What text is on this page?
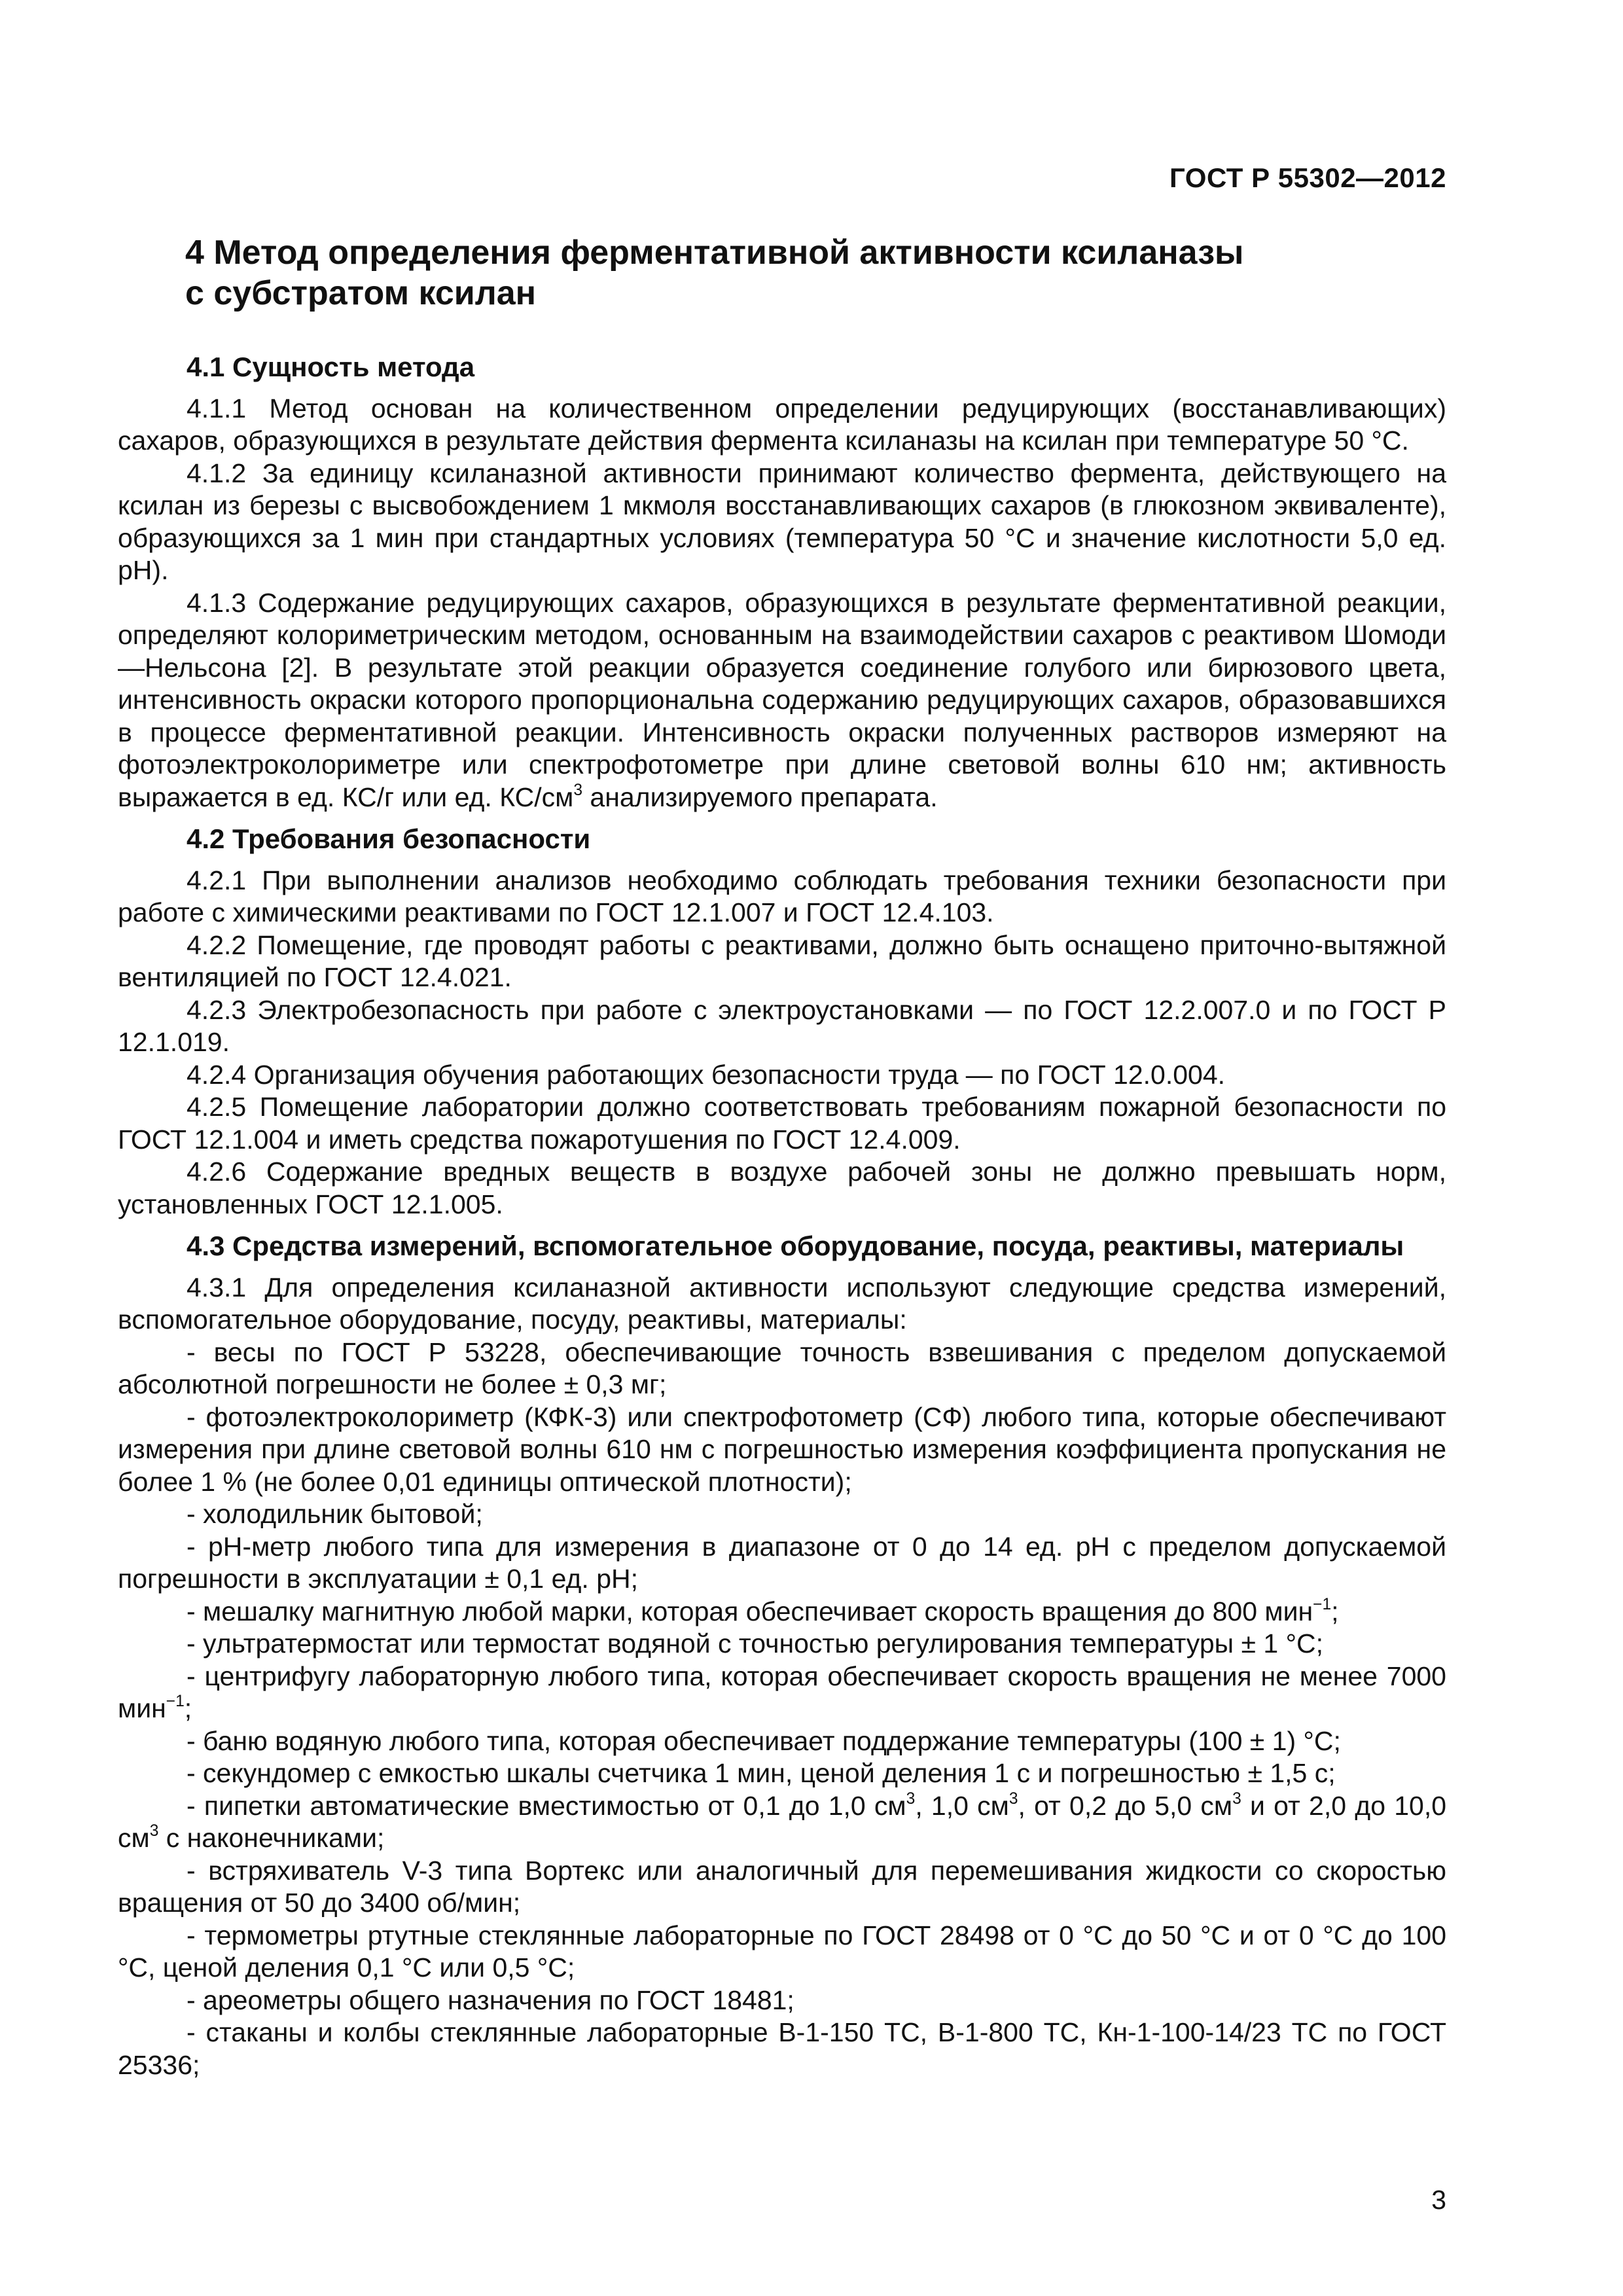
ГОСТ Р 55302—2012
4 Метод определения ферментативной активности ксиланазы
с субстратом ксилан
4.1 Сущность метода

4.1.1 Метод основан на количественном определении редуцирующих (восстанавливающих) сахаров, образующихся в результате действия фермента ксиланазы на ксилан при температуре 50 °С.

4.1.2 За единицу ксиланазной активности принимают количество фермента, действующего на ксилан из березы с высвобождением 1 мкмоля восстанавливающих сахаров (в глюкозном эквиваленте), образующихся за 1 мин при стандартных условиях (температура 50 °С и значение кислотности 5,0 ед. рН).

4.1.3 Содержание редуцирующих сахаров, образующихся в результате ферментативной реакции, определяют колориметрическим методом, основанным на взаимодействии сахаров с реактивом Шомоди—Нельсона [2]. В результате этой реакции образуется соединение голубого или бирюзового цвета, интенсивность окраски которого пропорциональна содержанию редуцирующих сахаров, образовавшихся в процессе ферментативной реакции. Интенсивность окраски полученных растворов измеряют на фотоэлектроколориметре или спектрофотометре при длине световой волны 610 нм; активность выражается в ед. КС/г или ед. $КС/см^3$ анализируемого препарата.

4.2 Требования безопасности

4.2.1 При выполнении анализов необходимо соблюдать требования техники безопасности при работе с химическими реактивами по ГОСТ 12.1.007 и ГОСТ 12.4.103.

4.2.2 Помещение, где проводят работы с реактивами, должно быть оснащено приточно-вытяжной вентиляцией по ГОСТ 12.4.021.

4.2.3 Электробезопасность при работе с электроустановками — по ГОСТ 12.2.007.0 и по ГОСТ Р 12.1.019.

4.2.4 Организация обучения работающих безопасности труда — по ГОСТ 12.0.004.

4.2.5 Помещение лаборатории должно соответствовать требованиям пожарной безопасности по ГОСТ 12.1.004 и иметь средства пожаротушения по ГОСТ 12.4.009.

4.2.6 Содержание вредных веществ в воздухе рабочей зоны не должно превышать норм, установленных ГОСТ 12.1.005.

4.3 Средства измерений, вспомогательное оборудование, посуда, реактивы, материалы

4.3.1 Для определения ксиланазной активности используют следующие средства измерений, вспомогательное оборудование, посуду, реактивы, материалы:

- весы по ГОСТ Р 53228, обеспечивающие точность взвешивания с пределом допускаемой абсолютной погрешности не более ± 0,3 мг;

- фотоэлектроколориметр (КФК-3) или спектрофотометр (СФ) любого типа, которые обеспечивают измерения при длине световой волны 610 нм с погрешностью измерения коэффициента пропускания не более 1 % (не более 0,01 единицы оптической плотности);

- холодильник бытовой;

- рН-метр любого типа для измерения в диапазоне от 0 до 14 ед. рН с пределом допускаемой погрешности в эксплуатации ± 0,1 ед. рН;

- мешалку магнитную любой марки, которая обеспечивает скорость вращения до 800 мин$^{-1}$;

- ультратермостат или термостат водяной с точностью регулирования температуры ± 1 °С;

- центрифугу лабораторную любого типа, которая обеспечивает скорость вращения не менее 7000 мин$^{-1}$;

- баню водяную любого типа, которая обеспечивает поддержание температуры (100 ± 1) °С;

- секундомер с емкостью шкалы счетчика 1 мин, ценой деления 1 с и погрешностью ± 1,5 с;

- пипетки автоматические вместимостью от 0,1 до 1,0 $см^3$, 1,0 $см^3$, от 0,2 до 5,0 $см^3$ и от 2,0 до 10,0 $см^3$ с наконечниками;

- встряхиватель V-3 типа Вортекс или аналогичный для перемешивания жидкости со скоростью вращения от 50 до 3400 об/мин;

- термометры ртутные стеклянные лабораторные по ГОСТ 28498 от 0 °С до 50 °С и от 0 °С до 100 °С, ценой деления 0,1 °С или 0,5 °С;

- ареометры общего назначения по ГОСТ 18481;

- стаканы и колбы стеклянные лабораторные В-1-150 ТС, В-1-800 ТС, Кн-1-100-14/23 ТС по ГОСТ 25336;

3
